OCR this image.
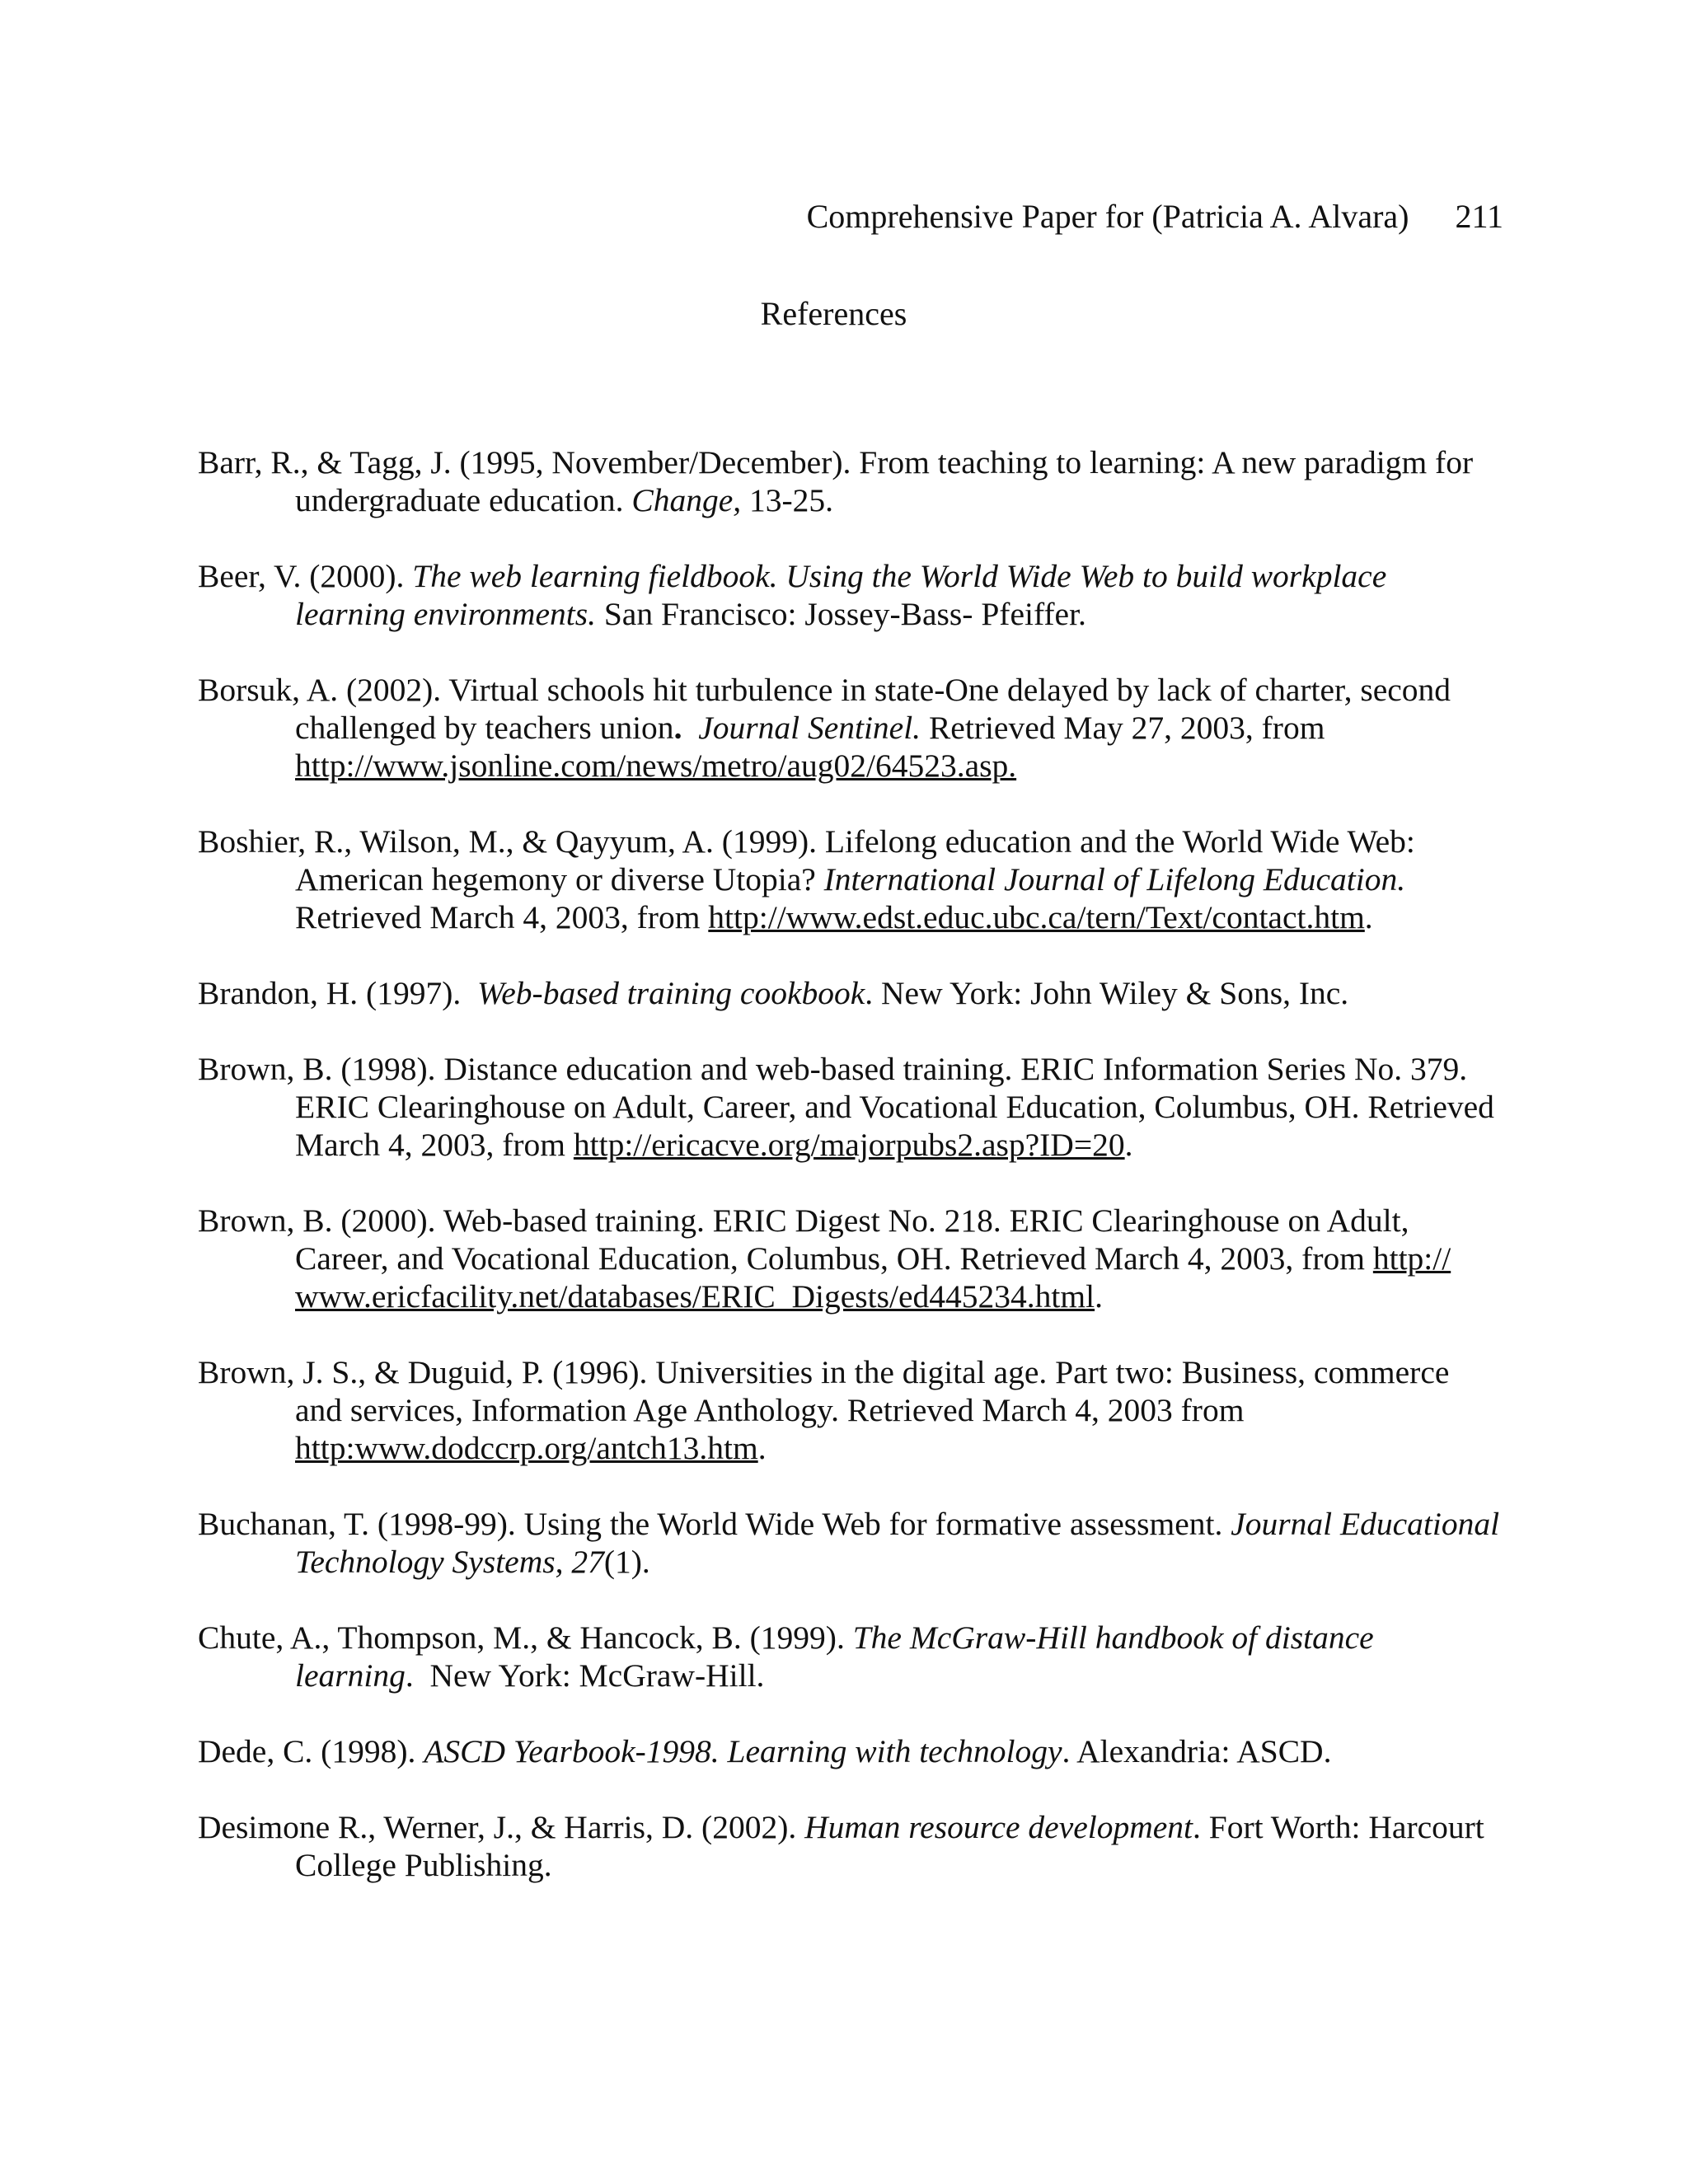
Comprehensive Paper for (Patricia A. Alvara) 211
References
Barr, R., & Tagg, J. (1995, November/December). From teaching to learning: A new paradigm for undergraduate education. Change, 13-25.
Beer, V. (2000). The web learning fieldbook. Using the World Wide Web to build workplace learning environments. San Francisco: Jossey-Bass- Pfeiffer.
Borsuk, A. (2002). Virtual schools hit turbulence in state-One delayed by lack of charter, second challenged by teachers union. Journal Sentinel. Retrieved May 27, 2003, from http://www.jsonline.com/news/metro/aug02/64523.asp.
Boshier, R., Wilson, M., & Qayyum, A. (1999). Lifelong education and the World Wide Web: American hegemony or diverse Utopia? International Journal of Lifelong Education. Retrieved March 4, 2003, from http://www.edst.educ.ubc.ca/tern/Text/contact.htm.
Brandon, H. (1997).  Web-based training cookbook. New York: John Wiley & Sons, Inc.
Brown, B. (1998). Distance education and web-based training. ERIC Information Series No. 379. ERIC Clearinghouse on Adult, Career, and Vocational Education, Columbus, OH. Retrieved March 4, 2003, from http://ericacve.org/majorpubs2.asp?ID=20.
Brown, B. (2000). Web-based training. ERIC Digest No. 218. ERIC Clearinghouse on Adult, Career, and Vocational Education, Columbus, OH. Retrieved March 4, 2003, from http:// www.ericfacility.net/databases/ERIC_Digests/ed445234.html.
Brown, J. S., & Duguid, P. (1996). Universities in the digital age. Part two: Business, commerce and services, Information Age Anthology. Retrieved March 4, 2003 from http:www.dodccrp.org/antch13.htm.
Buchanan, T. (1998-99). Using the World Wide Web for formative assessment. Journal Educational Technology Systems, 27(1).
Chute, A., Thompson, M., & Hancock, B. (1999). The McGraw-Hill handbook of distance learning.  New York: McGraw-Hill.
Dede, C. (1998). ASCD Yearbook-1998. Learning with technology. Alexandria: ASCD.
Desimone R., Werner, J., & Harris, D. (2002). Human resource development. Fort Worth: Harcourt College Publishing.
